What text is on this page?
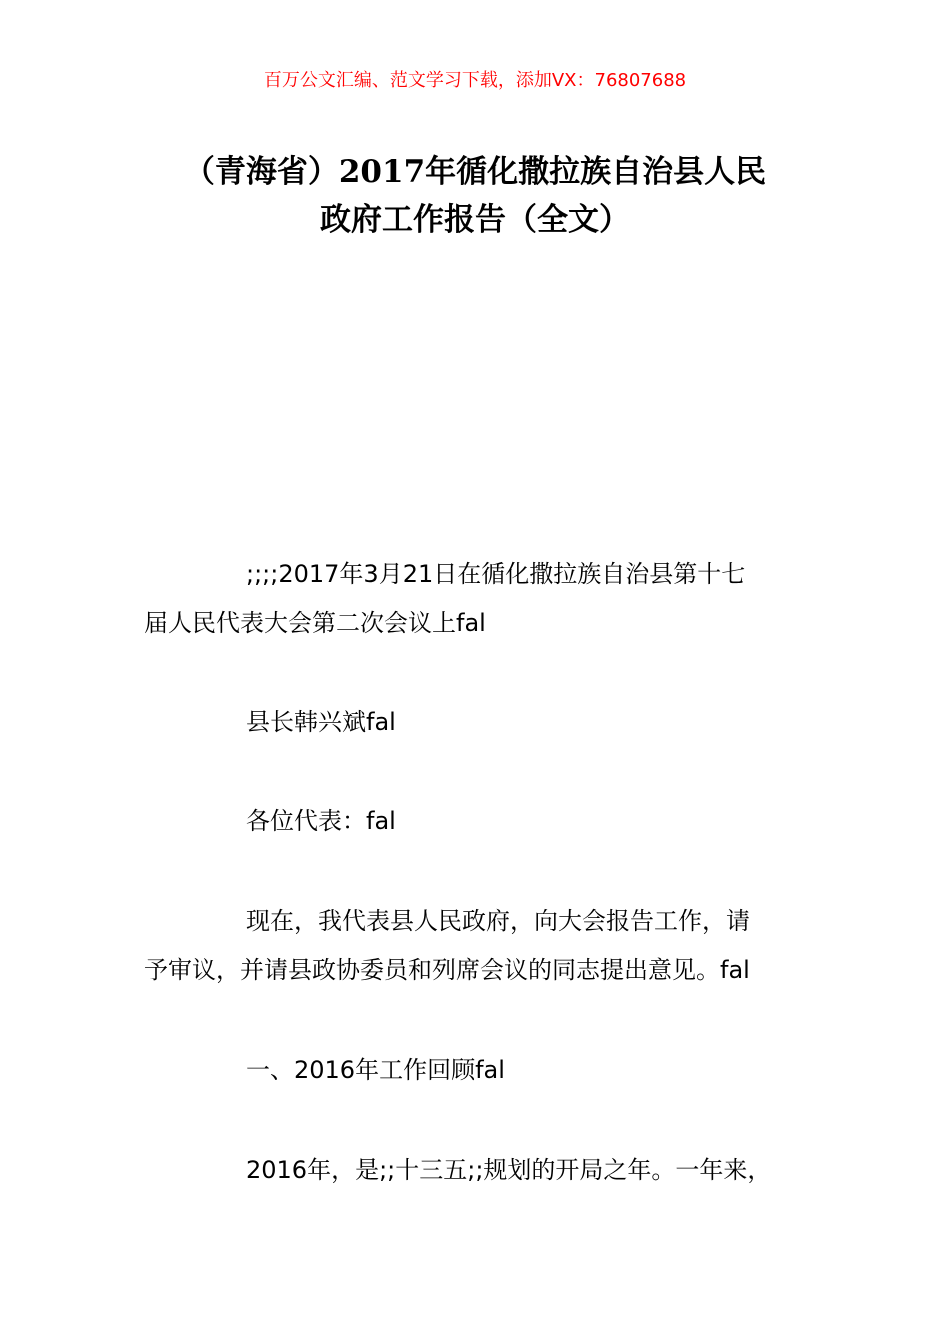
百万公文汇编、范文学习下载，添加VX：76807688
（青海省）2017年循化撒拉族自治县人民
政府工作报告（全文）

;;;;2017年3月21日在循化撒拉族自治县第十七
届人民代表大会第二次会议上fal

县长韩兴斌fal

各位代表：fal

现在，我代表县人民政府，向大会报告工作，请
予审议，并请县政协委员和列席会议的同志提出意见。fal

一、2016年工作回顾fal

2016年，是;;十三五;;规划的开局之年。一年来，
